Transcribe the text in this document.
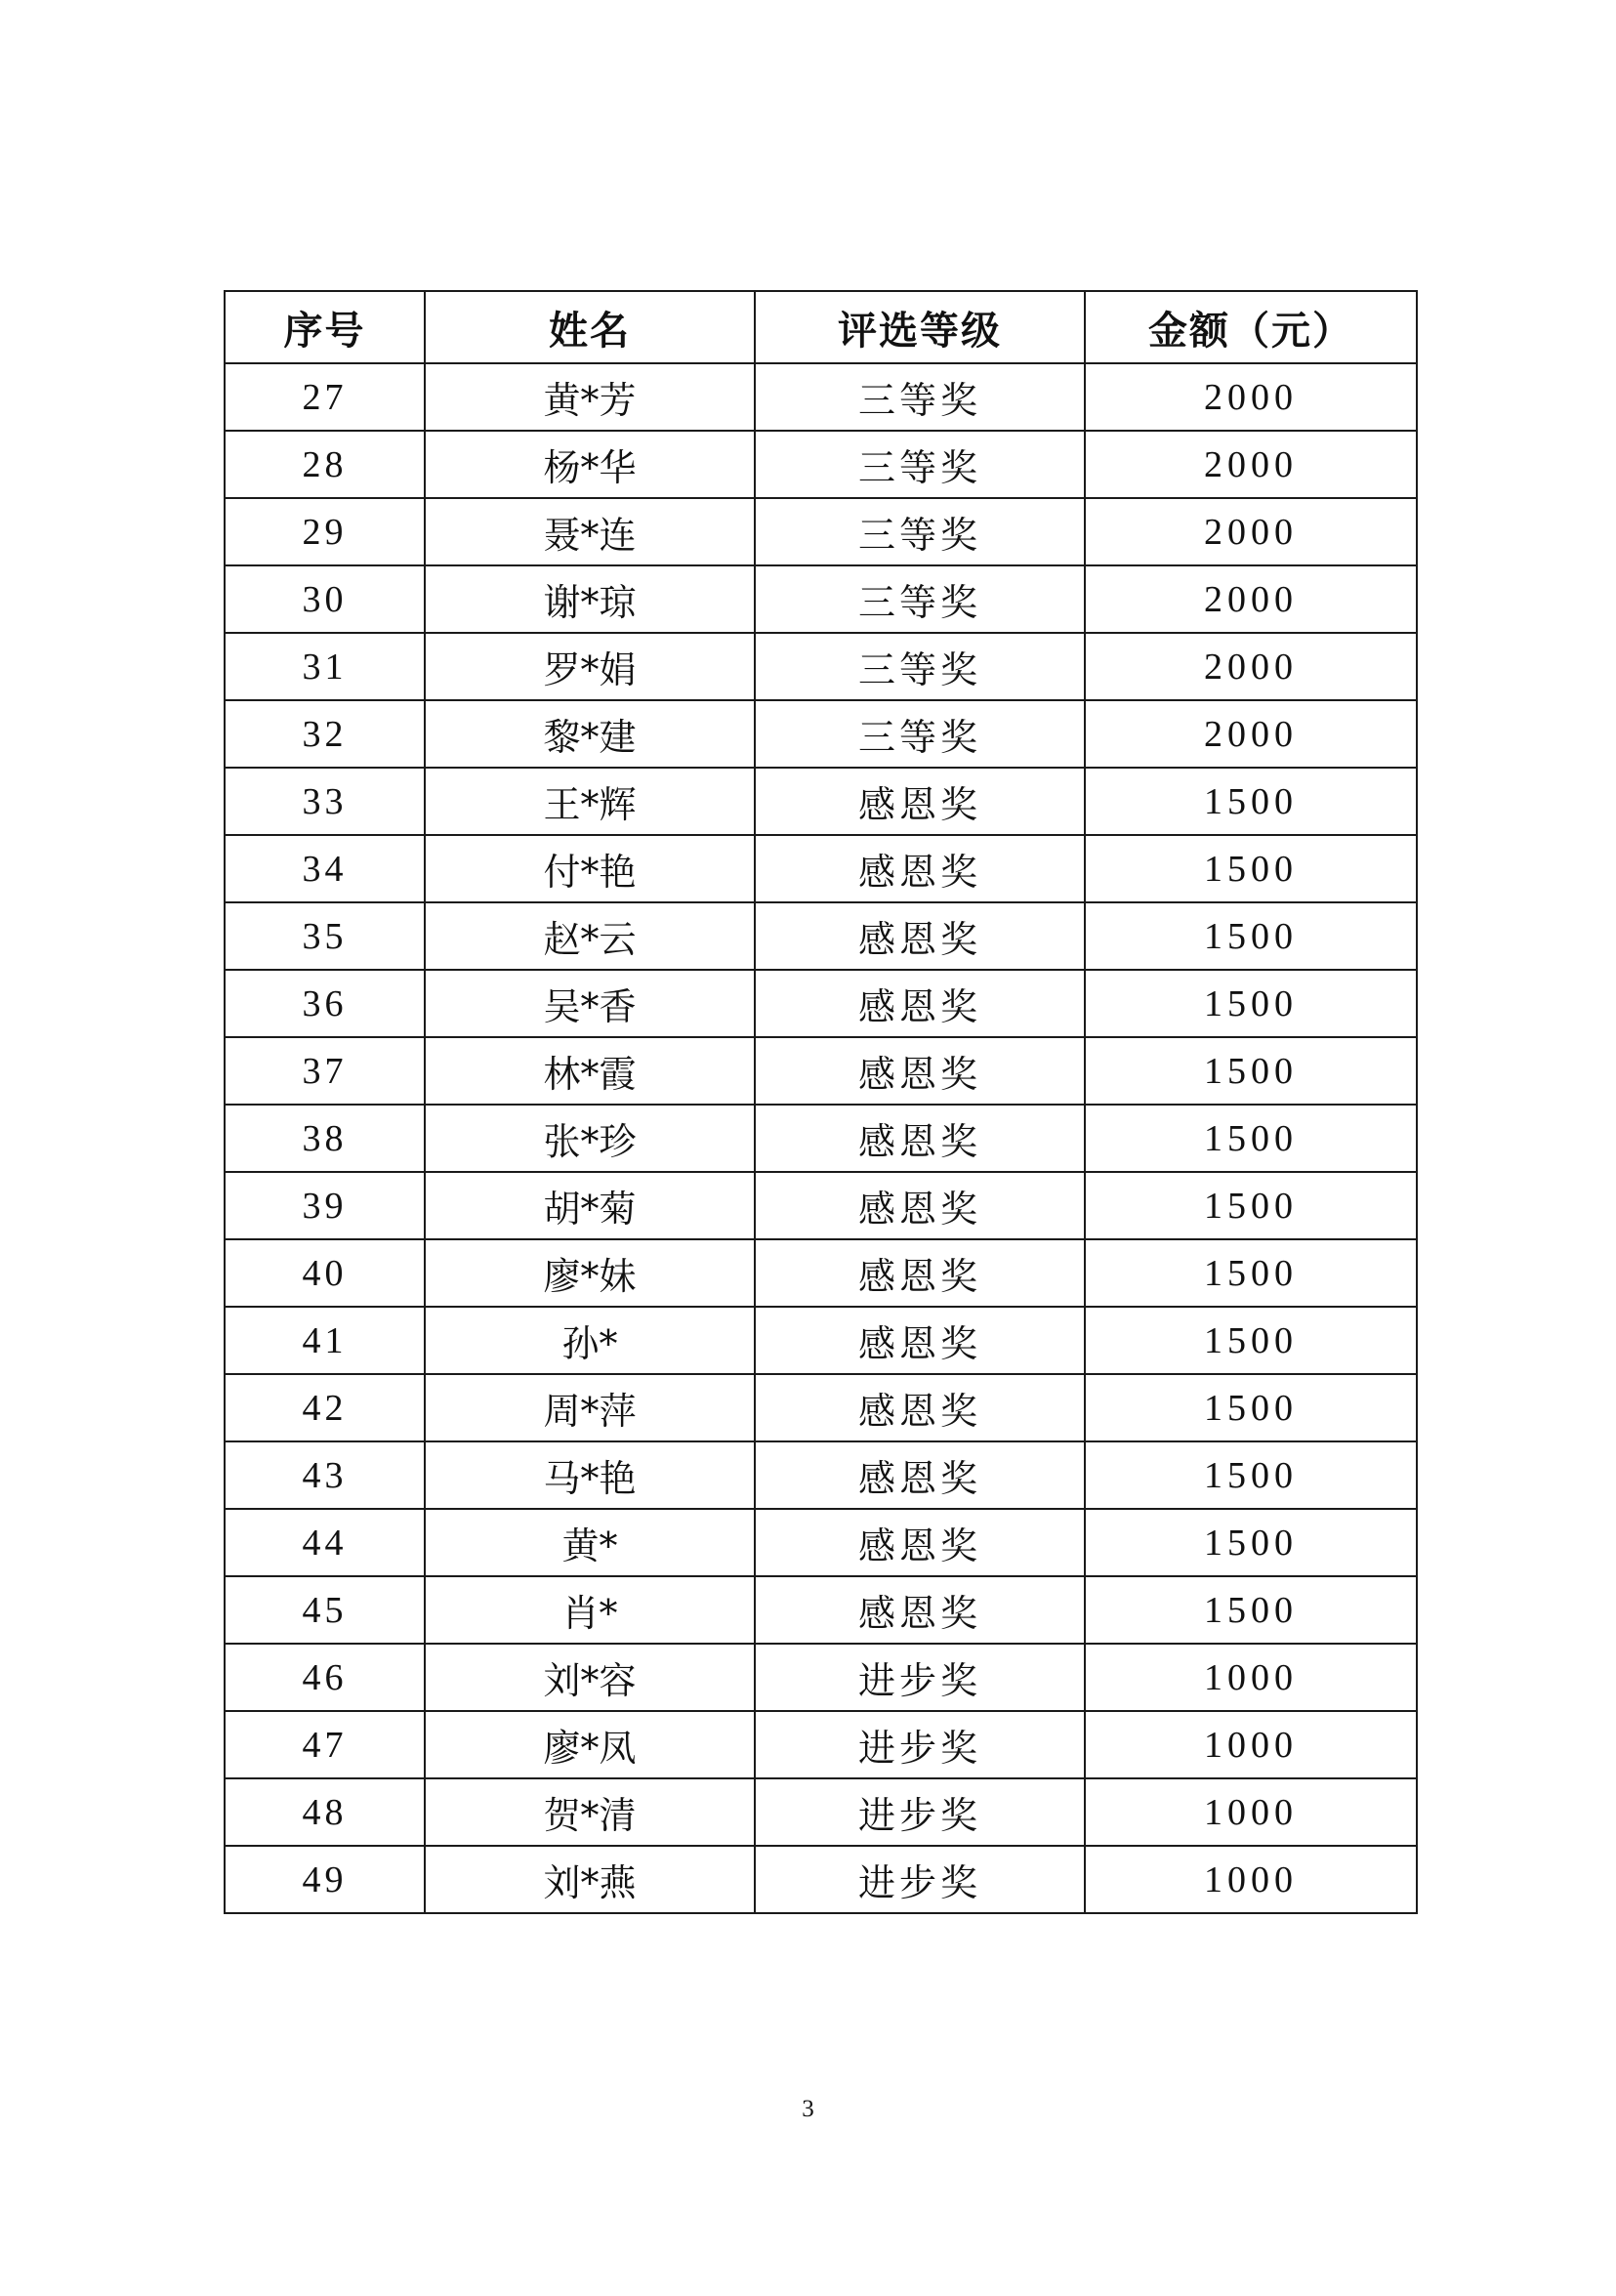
序号	姓名	评选等级	金额（元）
27	黄*芳	三等奖	2000
28	杨*华	三等奖	2000
29	聂*连	三等奖	2000
30	谢*琼	三等奖	2000
31	罗*娟	三等奖	2000
32	黎*建	三等奖	2000
33	王*辉	感恩奖	1500
34	付*艳	感恩奖	1500
35	赵*云	感恩奖	1500
36	吴*香	感恩奖	1500
37	林*霞	感恩奖	1500
38	张*珍	感恩奖	1500
39	胡*菊	感恩奖	1500
40	廖*妹	感恩奖	1500
41	孙*	感恩奖	1500
42	周*萍	感恩奖	1500
43	马*艳	感恩奖	1500
44	黄*	感恩奖	1500
45	肖*	感恩奖	1500
46	刘*容	进步奖	1000
47	廖*凤	进步奖	1000
48	贺*清	进步奖	1000
49	刘*燕	进步奖	1000
3
